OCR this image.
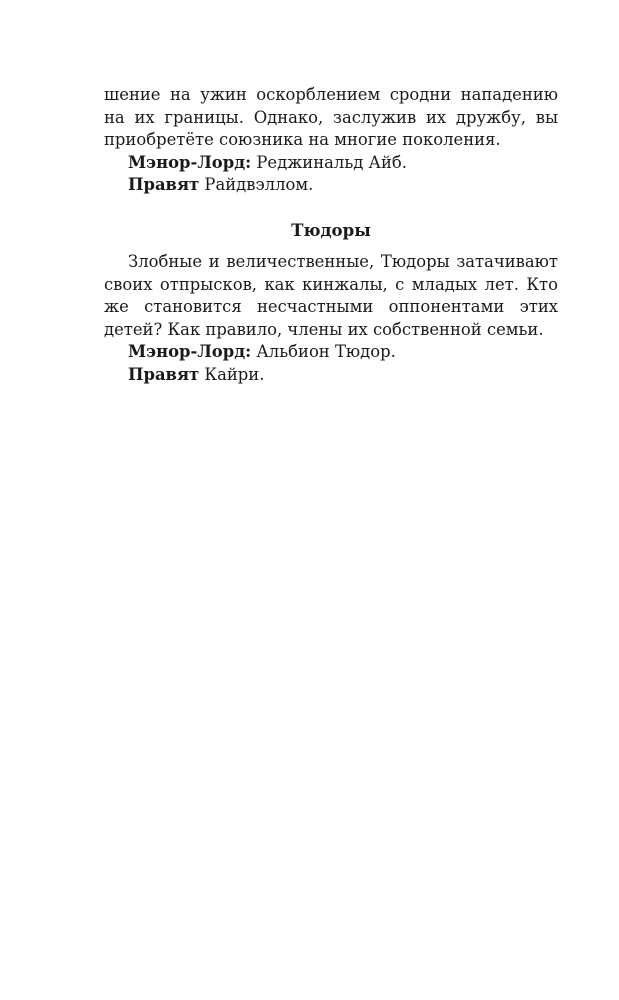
шение на ужин оскорблением сродни нападению на их границы. Однако, заслужив их дружбу, вы приобретёте союзника на многие поколения.

Мэнор-Лорд: Реджинальд Айб.

Правят Райдвэллом.

Тюдоры

Злобные и величественные, Тюдоры затачивают своих отпрысков, как кинжалы, с младых лет. Кто же становится несчастными оппонентами этих детей? Как правило, члены их собственной семьи.

Мэнор-Лорд: Альбион Тюдор.

Правят Кайри.
